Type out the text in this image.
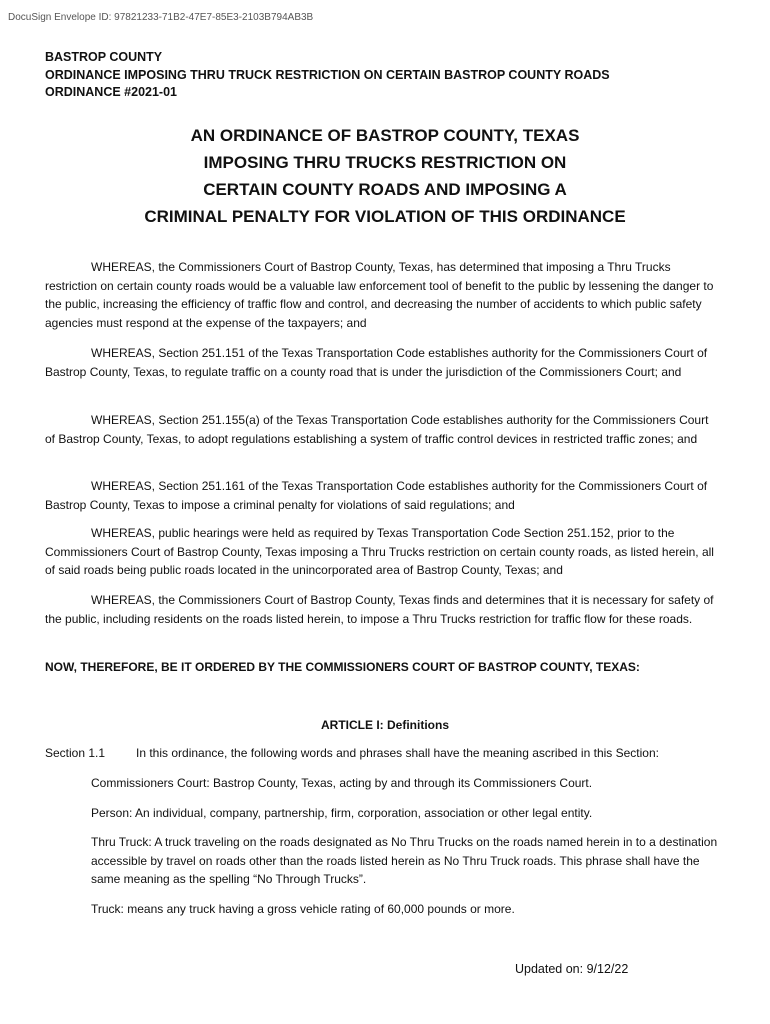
DocuSign Envelope ID: 97821233-71B2-47E7-85E3-2103B794AB3B
BASTROP COUNTY
ORDINANCE IMPOSING THRU TRUCK RESTRICTION ON CERTAIN BASTROP COUNTY ROADS
ORDINANCE #2021-01
AN ORDINANCE OF BASTROP COUNTY, TEXAS
IMPOSING THRU TRUCKS RESTRICTION ON
CERTAIN COUNTY ROADS AND IMPOSING A
CRIMINAL PENALTY FOR VIOLATION OF THIS ORDINANCE
WHEREAS, the Commissioners Court of Bastrop County, Texas, has determined that imposing a Thru Trucks restriction on certain county roads would be a valuable law enforcement tool of benefit to the public by lessening the danger to the public, increasing the efficiency of traffic flow and control, and decreasing the number of accidents to which public safety agencies must respond at the expense of the taxpayers; and
WHEREAS, Section 251.151 of the Texas Transportation Code establishes authority for the Commissioners Court of Bastrop County, Texas, to regulate traffic on a county road that is under the jurisdiction of the Commissioners Court; and
WHEREAS, Section 251.155(a) of the Texas Transportation Code establishes authority for the Commissioners Court of Bastrop County, Texas, to adopt regulations establishing a system of traffic control devices in restricted traffic zones; and
WHEREAS, Section 251.161 of the Texas Transportation Code establishes authority for the Commissioners Court of Bastrop County, Texas to impose a criminal penalty for violations of said regulations; and
WHEREAS, public hearings were held as required by Texas Transportation Code Section 251.152, prior to the Commissioners Court of Bastrop County, Texas imposing a Thru Trucks restriction on certain county roads, as listed herein, all of said roads being public roads located in the unincorporated area of Bastrop County, Texas; and
WHEREAS, the Commissioners Court of Bastrop County, Texas finds and determines that it is necessary for safety of the public, including residents on the roads listed herein, to impose a Thru Trucks restriction for traffic flow for these roads.
NOW, THEREFORE, BE IT ORDERED BY THE COMMISSIONERS COURT OF BASTROP COUNTY, TEXAS:
ARTICLE I: Definitions
Section 1.1	In this ordinance, the following words and phrases shall have the meaning ascribed in this Section:
Commissioners Court: Bastrop County, Texas, acting by and through its Commissioners Court.
Person: An individual, company, partnership, firm, corporation, association or other legal entity.
Thru Truck: A truck traveling on the roads designated as No Thru Trucks on the roads named herein in to a destination accessible by travel on roads other than the roads listed herein as No Thru Truck roads. This phrase shall have the same meaning as the spelling “No Through Trucks”.
Truck: means any truck having a gross vehicle rating of 60,000 pounds or more.
Updated on: 9/12/22
